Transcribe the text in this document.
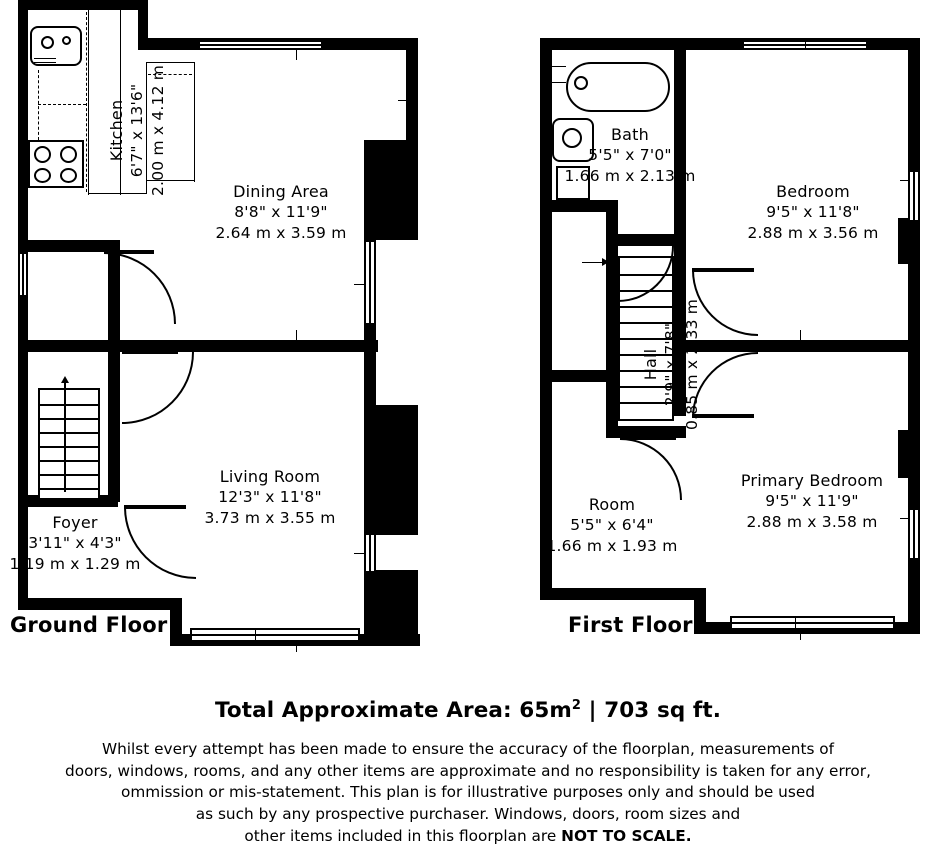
Kitchen 6'7" x 13'6" 2.00 m x 4.12 m	Dining Area
8'8" x 11'9"
2.64 m x 3.59 m
Living Room
12'3" x 11'8"
3.73 m x 3.55 m
Foyer
3'11" x 4'3"
1.19 m x 1.29 m
Ground Floor
Bath
5'5" x 7'0"
1.66 m x 2.13 m
Bedroom
9'5" x 11'8"
2.88 m x 3.56 m
Hall 2'9" x 7'8" 0.85 m x 2.33 m
Room
5'5" x 6'4"
1.66 m x 1.93 m
Primary Bedroom
9'5" x 11'9"
2.88 m x 3.58 m
First Floor
Total Approximate Area: $65m^2$ | 703 sq ft.
Whilst every attempt has been made to ensure the accuracy of the floorplan, measurements of
doors, windows, rooms, and any other items are approximate and no responsibility is taken for any error,
ommission or mis-statement. This plan is for illustrative purposes only and should be used
as such by any prospective purchaser. Windows, doors, room sizes and
other items included in this floorplan are NOT TO SCALE.
